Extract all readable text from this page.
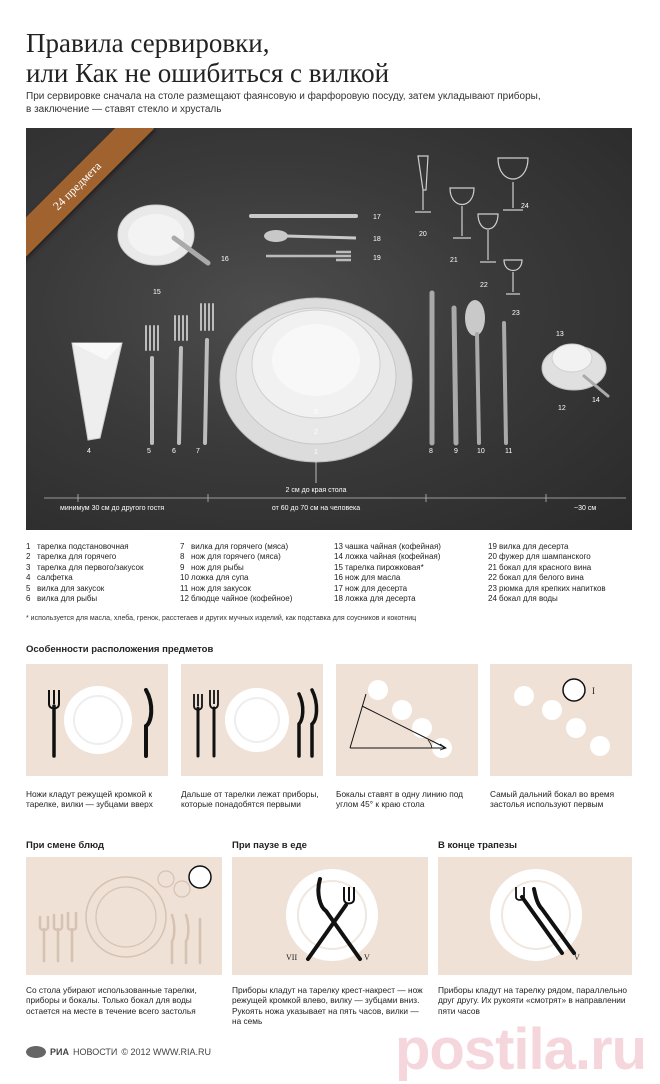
Правила сервировки,
или Как не ошибиться с вилкой
При сервировке сначала на столе размещают фаянсовую и фарфоровую посуду, затем укладывают приборы,
в заключение — ставят стекло и хрусталь
1
2
3
4	5	6	7	8	9	10	11
12
13
14
15
16
17
18
19
20
21
22
23
24
2 см до края стола
минимум 30 см до другого гостя	от 60 до 70 см на человека	~30 см
24 предмета
1 тарелка подстановочная
2 тарелка для горячего
3 тарелка для первого/закусок
4 салфетка
5 вилка для закусок
6 вилка для рыбы
7 вилка для горячего (мяса)
8 нож для горячего (мяса)
9 нож для рыбы
10 ложка для супа
11 нож для закусок
12 блюдце чайное (кофейное)
13 чашка чайная (кофейная)
14 ложка чайная (кофейная)
15 тарелка пирожковая*
16 нож для масла
17 нож для десерта
18 ложка для десерта
19 вилка для десерта
20 фужер для шампанского
21 бокал для красного вина
22 бокал для белого вина
23 рюмка для крепких напитков
24 бокал для воды
* используется для масла, хлеба, гренок, расстегаев и других мучных изделий, как подставка для соусников и кокотниц
Особенности расположения предметов
I
Ножи кладут режущей кромкой к тарелке, вилки — зубцами вверх
Дальше от тарелки лежат приборы, которые понадобятся первыми
Бокалы ставят в одну линию под углом 45° к краю стола
Самый дальний бокал во время застолья используют первым
При смене блюд	При паузе в еде	В конце трапезы
VII	V	V
Со стола убирают использованные тарелки, приборы и бокалы. Только бокал для воды остается на месте в течение всего застолья
Приборы кладут на тарелку крест-накрест — нож режущей кромкой влево, вилку — зубцами вниз. Рукоять ножа указывает на пять часов, вилки — на семь
Приборы кладут на тарелку рядом, параллельно друг другу. Их рукояти «смотрят» в направлении пяти часов
postila.ru
РИА НОВОСТИ © 2012 WWW.RIA.RU
